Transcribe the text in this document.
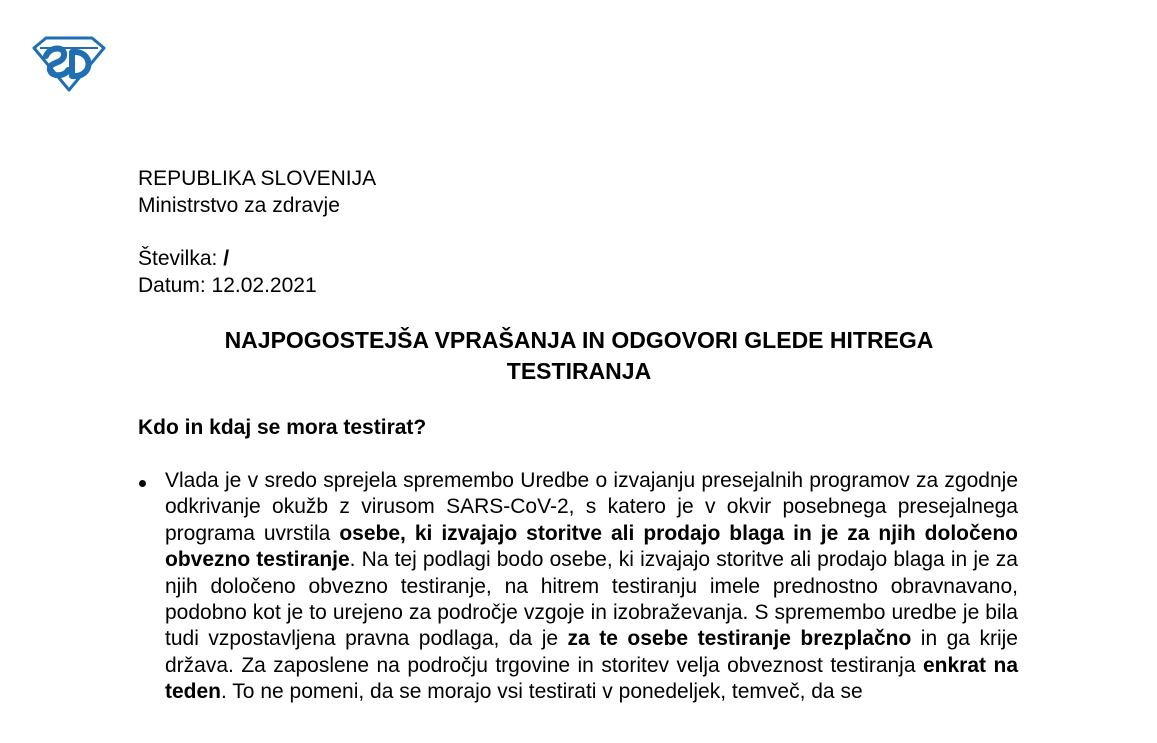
REPUBLIKA SLOVENIJA
Ministrstvo za zdravje
Številka: /
Datum: 12.02.2021
NAJPOGOSTEJŠA VPRAŠANJA IN ODGOVORI GLEDE HITREGA
TESTIRANJA
Kdo in kdaj se mora testirat?
Vlada je v sredo sprejela spremembo Uredbe o izvajanju presejalnih programov za zgodnje odkrivanje okužb z virusom SARS-CoV-2, s katero je v okvir posebnega presejalnega programa uvrstila osebe, ki izvajajo storitve ali prodajo blaga in je za njih določeno obvezno testiranje. Na tej podlagi bodo osebe, ki izvajajo storitve ali prodajo blaga in je za njih določeno obvezno testiranje, na hitrem testiranju imele prednostno obravnavano, podobno kot je to urejeno za področje vzgoje in izobraževanja. S spremembo uredbe je bila tudi vzpostavljena pravna podlaga, da je za te osebe testiranje brezplačno in ga krije država. Za zaposlene na področju trgovine in storitev velja obveznost testiranja enkrat na teden. To ne pomeni, da se morajo vsi testirati v ponedeljek, temveč, da se
